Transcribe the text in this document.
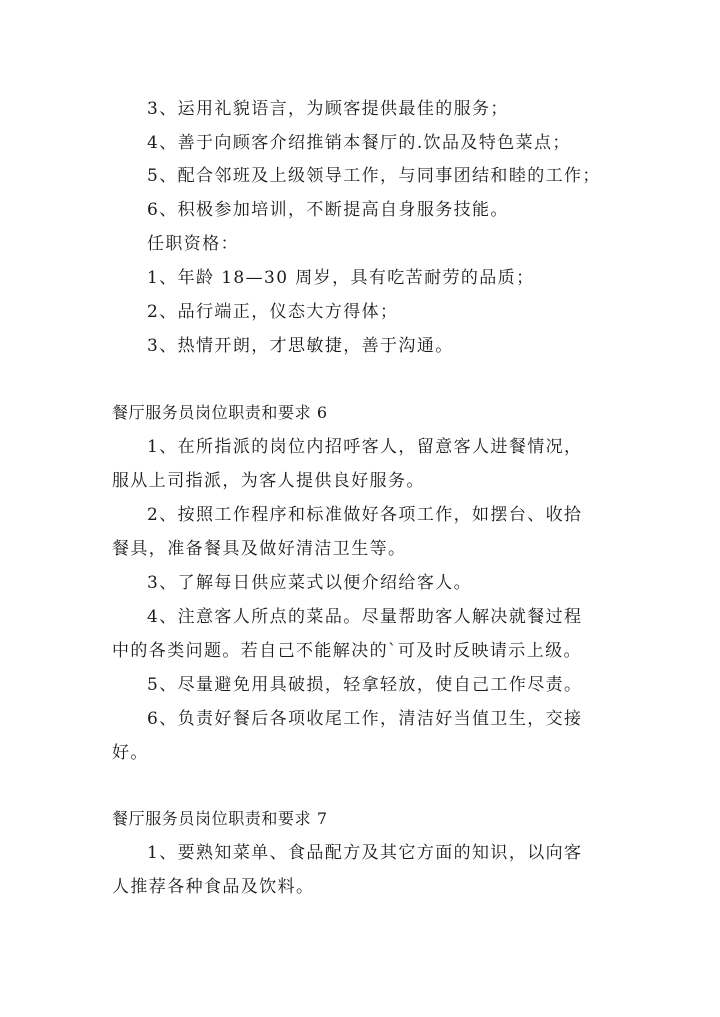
3、运用礼貌语言，为顾客提供最佳的服务；
4、善于向顾客介绍推销本餐厅的.饮品及特色菜点；
5、配合邻班及上级领导工作，与同事团结和睦的工作；
6、积极参加培训，不断提高自身服务技能。
任职资格：
1、年龄 18—30 周岁，具有吃苦耐劳的品质；
2、品行端正，仪态大方得体；
3、热情开朗，才思敏捷，善于沟通。
餐厅服务员岗位职责和要求 6
1、在所指派的岗位内招呼客人，留意客人进餐情况，
服从上司指派，为客人提供良好服务。
2、按照工作程序和标准做好各项工作，如摆台、收拾
餐具，准备餐具及做好清洁卫生等。
3、了解每日供应菜式以便介绍给客人。
4、注意客人所点的菜品。尽量帮助客人解决就餐过程
中的各类问题。若自己不能解决的`可及时反映请示上级。
5、尽量避免用具破损，轻拿轻放，使自己工作尽责。
6、负责好餐后各项收尾工作，清洁好当值卫生，交接
好。
餐厅服务员岗位职责和要求 7
1、要熟知菜单、食品配方及其它方面的知识，以向客
人推荐各种食品及饮料。
